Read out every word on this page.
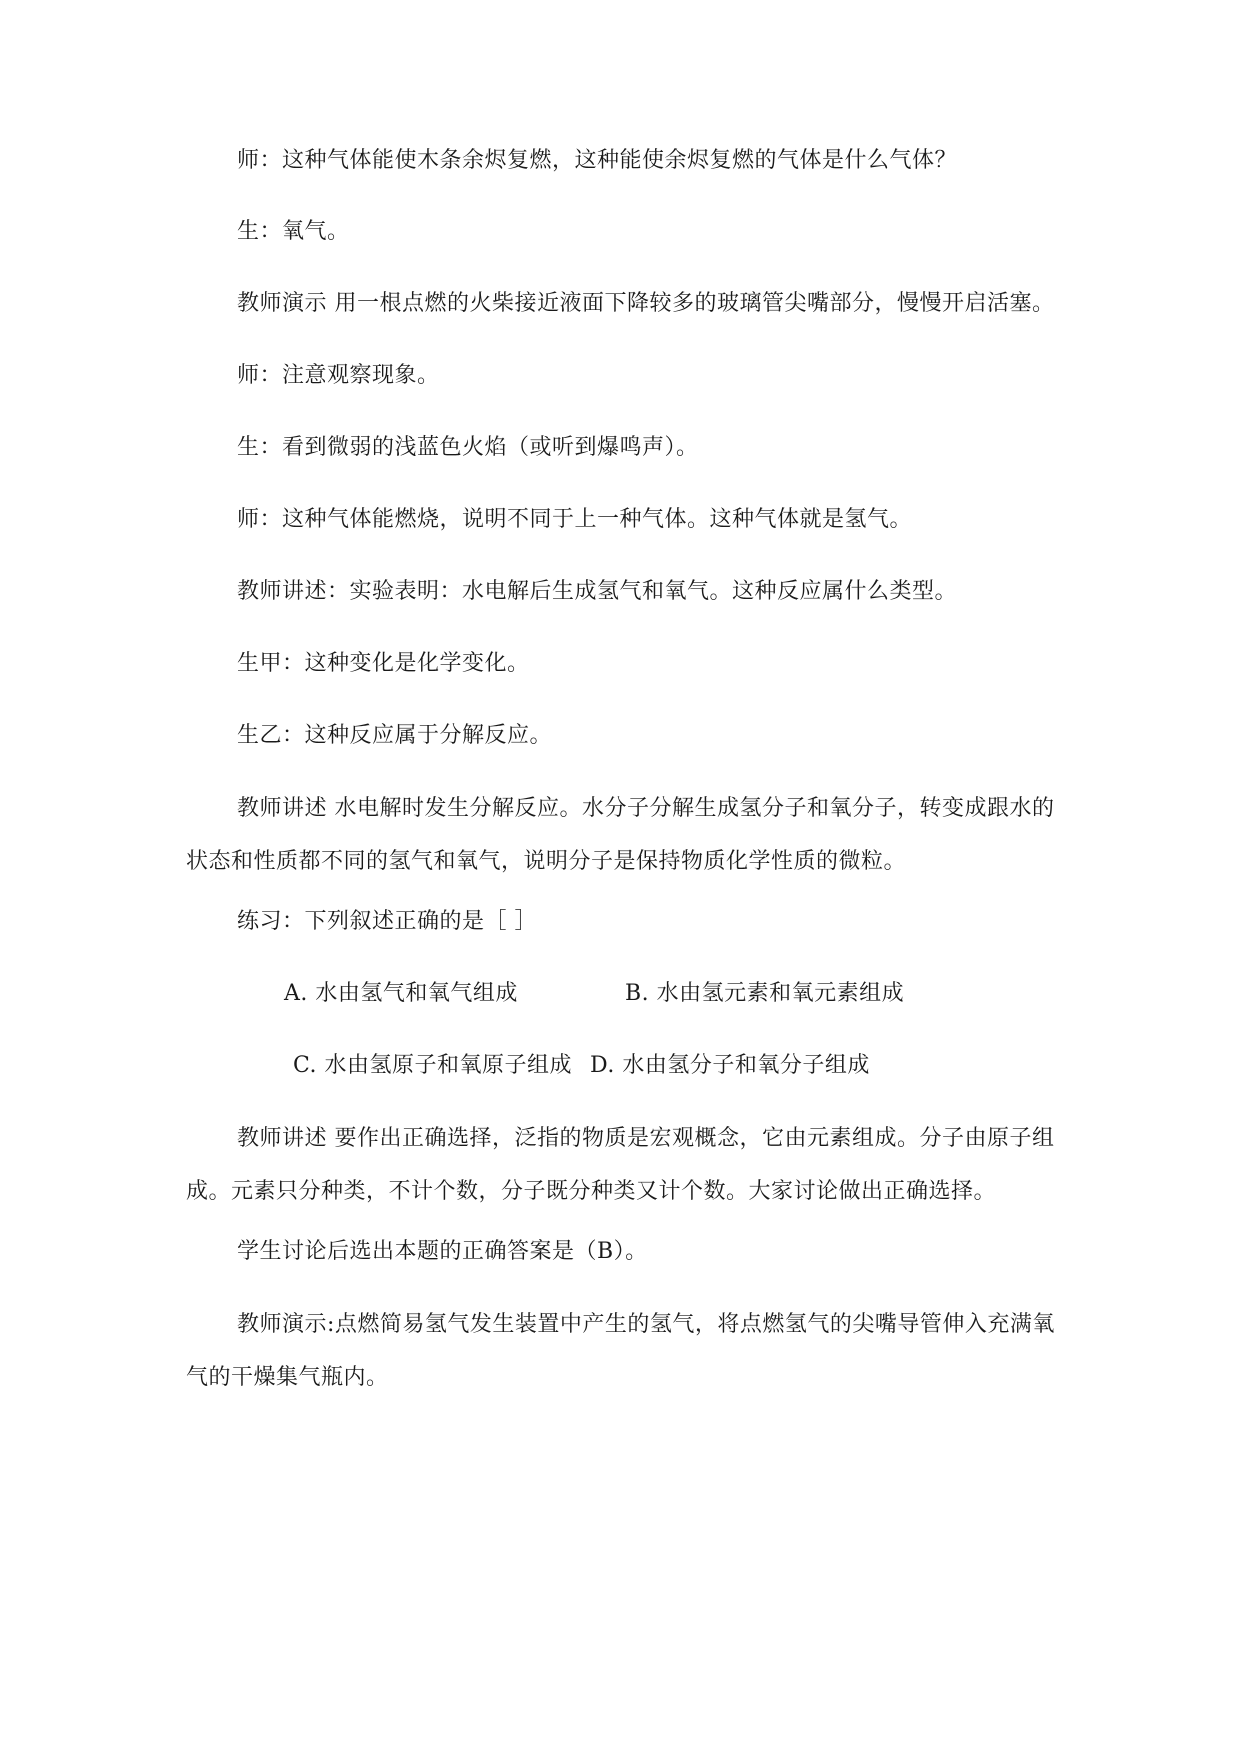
师：这种气体能使木条余烬复燃，这种能使余烬复燃的气体是什么气体？
生：氧气。
教师演示 用一根点燃的火柴接近液面下降较多的玻璃管尖嘴部分，慢慢开启活塞。
师：注意观察现象。
生：看到微弱的浅蓝色火焰（或听到爆鸣声）。
师：这种气体能燃烧，说明不同于上一种气体。这种气体就是氢气。
教师讲述：实验表明：水电解后生成氢气和氧气。这种反应属什么类型。
生甲：这种变化是化学变化。
生乙：这种反应属于分解反应。
教师讲述 水电解时发生分解反应。水分子分解生成氢分子和氧分子，转变成跟水的状态和性质都不同的氢气和氧气，说明分子是保持物质化学性质的微粒。
练习：下列叙述正确的是［ ］
A. 水由氢气和氧气组成	B. 水由氢元素和氧元素组成
C. 水由氢原子和氧原子组成 D. 水由氢分子和氧分子组成
教师讲述 要作出正确选择，泛指的物质是宏观概念，它由元素组成。分子由原子组成。元素只分种类，不计个数，分子既分种类又计个数。大家讨论做出正确选择。
学生讨论后选出本题的正确答案是（B）。
教师演示:点燃简易氢气发生装置中产生的氢气，将点燃氢气的尖嘴导管伸入充满氧气的干燥集气瓶内。
